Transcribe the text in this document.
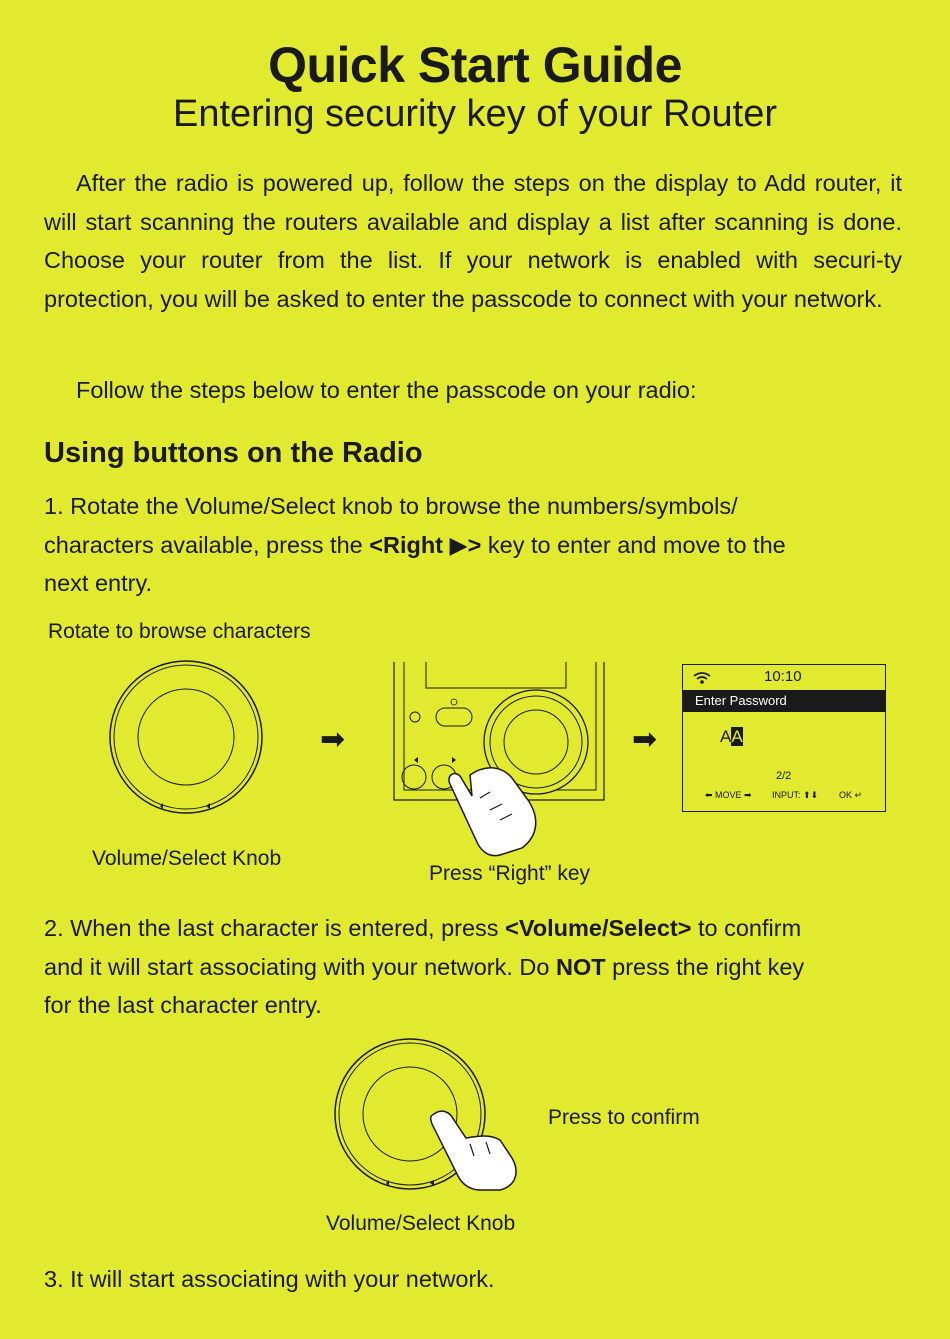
Quick Start Guide
Entering security key of your Router
After the radio is powered up, follow the steps on the display to Add router, it will start scanning the routers available and display a list after scanning is done. Choose your router from the list. If your network is enabled with securi-ty protection, you will be asked to enter the passcode to connect with your network.
Follow the steps below to enter the passcode on your radio:
Using buttons on the Radio
1. Rotate the Volume/Select knob to browse the numbers/symbols/
characters available, press the <Right ▶> key to enter and move to the
next entry.
Rotate to browse characters
Volume/Select Knob
➡
Press “Right” key
➡
10:10
Enter Password
AA
2/2
⬅ MOVE ➡ INPUT: ⬆⬇ OK ↵
2. When the last character is entered, press <Volume/Select> to confirm
and it will start associating with your network. Do NOT press the right key
for the last character entry.
Press to confirm
Volume/Select Knob
3. It will start associating with your network.
